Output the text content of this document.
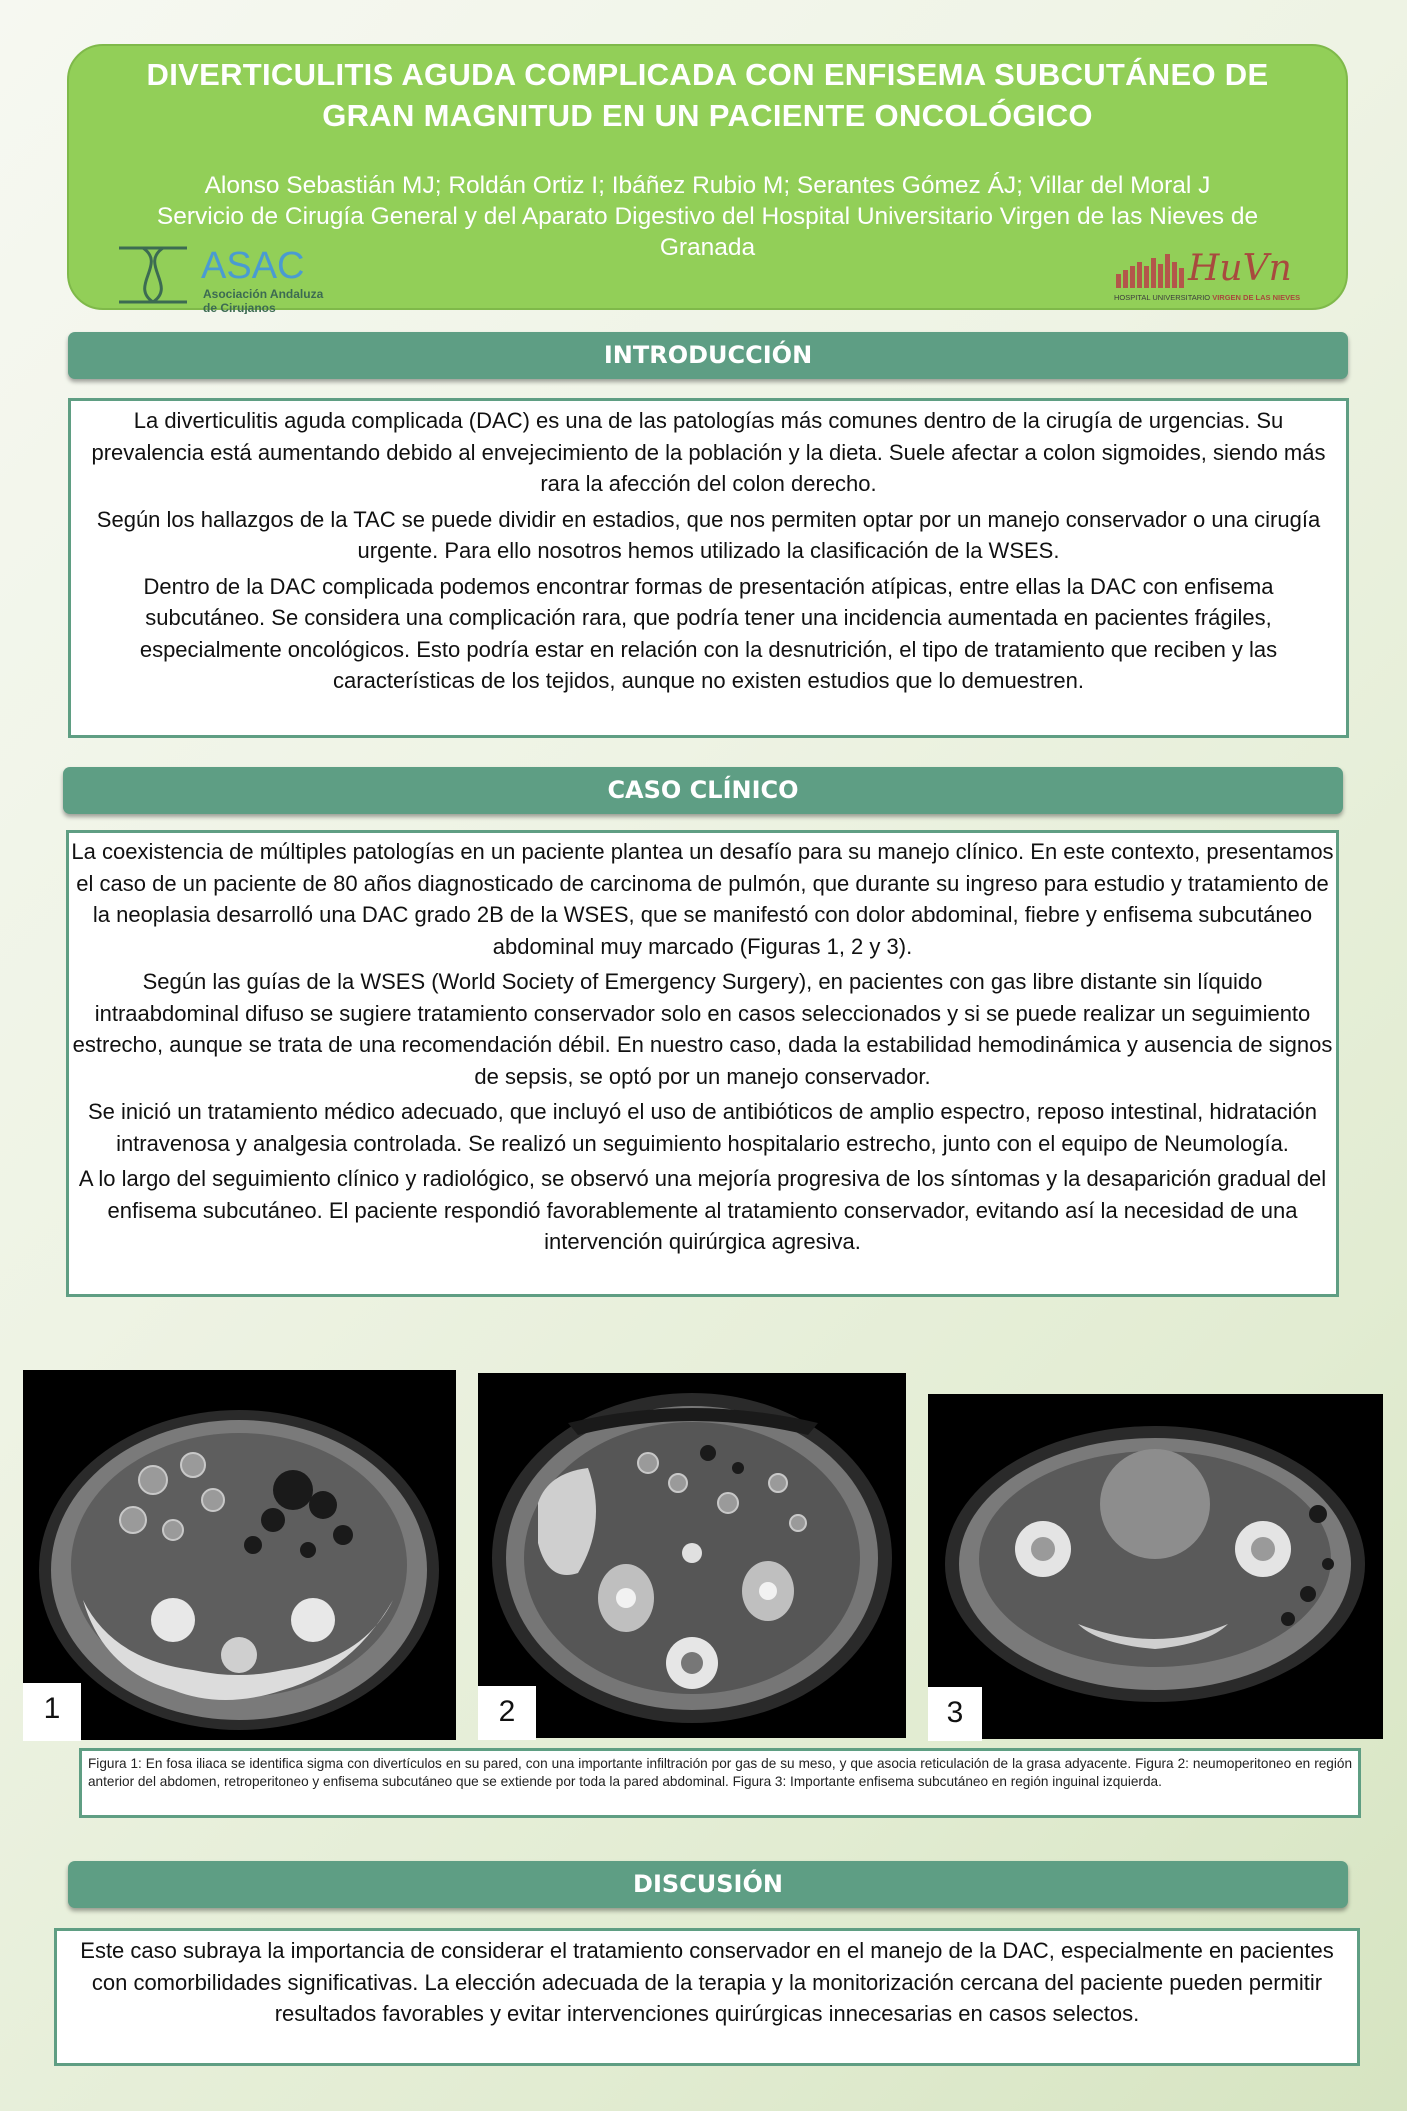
DIVERTICULITIS AGUDA COMPLICADA CON ENFISEMA SUBCUTÁNEO DE
GRAN MAGNITUD EN UN PACIENTE ONCOLÓGICO
Alonso Sebastián MJ; Roldán Ortiz I; Ibáñez Rubio M; Serantes Gómez ÁJ; Villar del Moral J
Servicio de Cirugía General y del Aparato Digestivo del Hospital Universitario Virgen de las Nieves de
Granada
ASAC
Asociación Andaluza
de Cirujanos
HuVn
HOSPITAL UNIVERSITARIO VIRGEN DE LAS NIEVES
INTRODUCCIÓN

La diverticulitis aguda complicada (DAC) es una de las patologías más comunes dentro de la cirugía de urgencias. Su prevalencia está aumentando debido al envejecimiento de la población y la dieta. Suele afectar a colon sigmoides, siendo más rara la afección del colon derecho.

Según los hallazgos de la TAC se puede dividir en estadios, que nos permiten optar por un manejo conservador o una cirugía urgente. Para ello nosotros hemos utilizado la clasificación de la WSES.

Dentro de la DAC complicada podemos encontrar formas de presentación atípicas, entre ellas la DAC con enfisema subcutáneo. Se considera una complicación rara, que podría tener una incidencia aumentada en pacientes frágiles, especialmente oncológicos. Esto podría estar en relación con la desnutrición, el tipo de tratamiento que reciben y las características de los tejidos, aunque no existen estudios que lo demuestren.

CASO CLÍNICO

La coexistencia de múltiples patologías en un paciente plantea un desafío para su manejo clínico. En este contexto, presentamos el caso de un paciente de 80 años diagnosticado de carcinoma de pulmón, que durante su ingreso para estudio y tratamiento de la neoplasia desarrolló una DAC grado 2B de la WSES, que se manifestó con dolor abdominal, fiebre y enfisema subcutáneo abdominal muy marcado (Figuras 1, 2 y 3).

Según las guías de la WSES (World Society of Emergency Surgery), en pacientes con gas libre distante sin líquido intraabdominal difuso se sugiere tratamiento conservador solo en casos seleccionados y si se puede realizar un seguimiento estrecho, aunque se trata de una recomendación débil. En nuestro caso, dada la estabilidad hemodinámica y ausencia de signos de sepsis, se optó por un manejo conservador.

Se inició un tratamiento médico adecuado, que incluyó el uso de antibióticos de amplio espectro, reposo intestinal, hidratación intravenosa y analgesia controlada. Se realizó un seguimiento hospitalario estrecho, junto con el equipo de Neumología.

A lo largo del seguimiento clínico y radiológico, se observó una mejoría progresiva de los síntomas y la desaparición gradual del enfisema subcutáneo. El paciente respondió favorablemente al tratamiento conservador, evitando así la necesidad de una intervención quirúrgica agresiva.

1	2	3
Figura 1: En fosa iliaca se identifica sigma con divertículos en su pared, con una importante infiltración por gas de su meso, y que asocia reticulación de la grasa adyacente. Figura 2: neumoperitoneo en región anterior del abdomen, retroperitoneo y enfisema subcutáneo que se extiende por toda la pared abdominal. Figura 3: Importante enfisema subcutáneo en región inguinal izquierda.
DISCUSIÓN

Este caso subraya la importancia de considerar el tratamiento conservador en el manejo de la DAC, especialmente en pacientes con comorbilidades significativas. La elección adecuada de la terapia y la monitorización cercana del paciente pueden permitir resultados favorables y evitar intervenciones quirúrgicas innecesarias en casos selectos.
